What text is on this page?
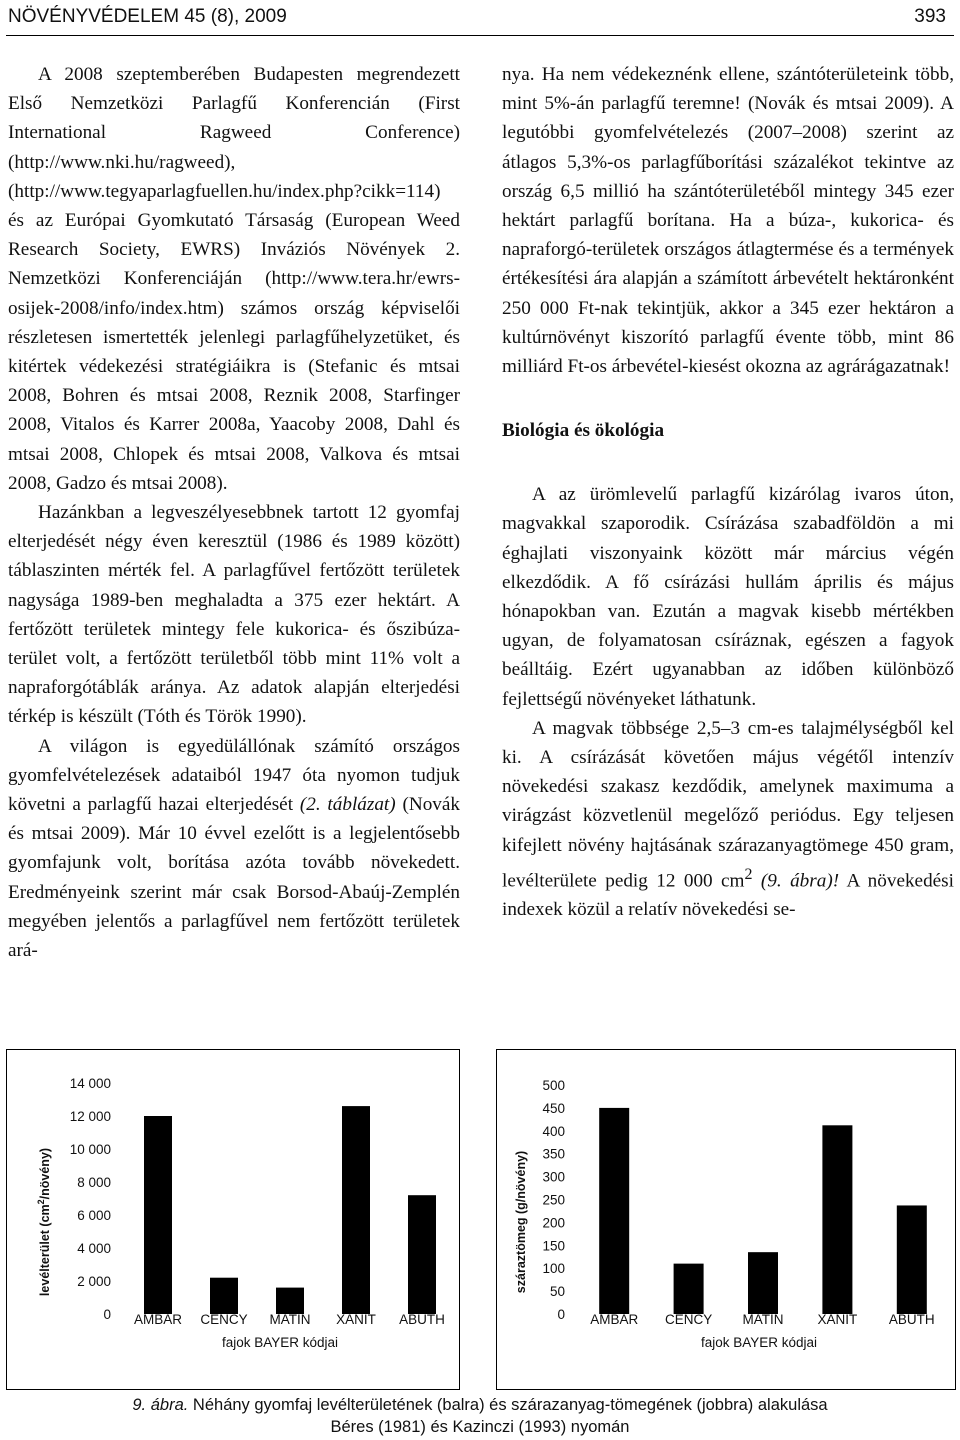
NÖVÉNYVÉDELEM 45 (8), 2009	393

A 2008 szeptemberében Budapesten megrendezett Első Nemzetközi Parlagfű Konferencián (First International Ragweed Conference) (http://www.nki.hu/ragweed), (http://www.tegyaparlagfuellen.hu/index.php?cikk=114) és az Európai Gyomkutató Társaság (European Weed Research Society, EWRS) Inváziós Növények 2. Nemzetközi Konferenciáján (http://www.tera.hr/ewrs-osijek-2008/info/index.htm) számos ország képviselői részletesen ismertették jelenlegi parlagfűhelyzetüket, és kitértek védekezési stratégiáikra is (Stefanic és mtsai 2008, Bohren és mtsai 2008, Reznik 2008, Starfinger 2008, Vitalos és Karrer 2008a, Yaacoby 2008, Dahl és mtsai 2008, Chlopek és mtsai 2008, Valkova és mtsai 2008, Gadzo és mtsai 2008).

Hazánkban a legveszélyesebbnek tartott 12 gyomfaj elterjedését négy éven keresztül (1986 és 1989 között) táblaszinten mérték fel. A parlagfűvel fertőzött területek nagysága 1989-ben meghaladta a 375 ezer hektárt. A fertőzött területek mintegy fele kukorica- és őszibúza-terület volt, a fertőzött területből több mint 11% volt a napraforgótáblák aránya. Az adatok alapján elterjedési térkép is készült (Tóth és Török 1990).

A világon is egyedülállónak számító országos gyomfelvételezések adataiból 1947 óta nyomon tudjuk követni a parlagfű hazai elterjedését (2. táblázat) (Novák és mtsai 2009). Már 10 évvel ezelőtt is a legjelentősebb gyomfajunk volt, borítása azóta tovább növekedett. Eredményeink szerint már csak Borsod-Abaúj-Zemplén megyében jelentős a parlagfűvel nem fertőzött területek ará-

nya. Ha nem védekeznénk ellene, szántóterületeink több, mint 5%-án parlagfű teremne! (Novák és mtsai 2009). A legutóbbi gyomfelvételezés (2007–2008) szerint az átlagos 5,3%-os parlagfűborítási százalékot tekintve az ország 6,5 millió ha szántóterületéből mintegy 345 ezer hektárt parlagfű borítana. Ha a búza-, kukorica- és napraforgó-területek országos átlagtermése és a termények értékesítési ára alapján a számított árbevételt hektáronként 250 000 Ft-nak tekintjük, akkor a 345 ezer hektáron a kultúrnövényt kiszorító parlagfű évente több, mint 86 milliárd Ft-os árbevétel-kiesést okozna az agrárágazatnak!

Biológia és ökológia

A az ürömlevelű parlagfű kizárólag ivaros úton, magvakkal szaporodik. Csírázása szabadföldön a mi éghajlati viszonyaink között már március végén elkezdődik. A fő csírázási hullám április és május hónapokban van. Ezután a magvak kisebb mértékben ugyan, de folyamatosan csíráznak, egészen a fagyok beálltáig. Ezért ugyanabban az időben különböző fejlettségű növényeket láthatunk.

A magvak többsége 2,5–3 cm-es talajmélységből kel ki. A csírázását követően május végétől intenzív növekedési szakasz kezdődik, amelynek maximuma a virágzást közvetlenül megelőző periódus. Egy teljesen kifejlett növény hajtásának szárazanyagtömege 450 gram, levélterülete pedig 12 000 $cm^2$ (9. ábra)! A növekedési indexek közül a relatív növekedési se-

levélterület $(cm^2/növény)$
0
2 000
4 000
6 000
8 000
10 000
12 000
14 000
AMBAR CENCY MATIN XANIT ABUTH
fajok BAYER kódjai
száraztömeg (g/növény)
0
50
100
150
200
250
300
350
400
450
500
AMBAR CENCY MATIN	XANIT ABUTH
fajok BAYER kódjai
9. ábra. Néhány gyomfaj levélterületének (balra) és szárazanyag-tömegének (jobbra) alakulása
Béres (1981) és Kazinczi (1993) nyomán
